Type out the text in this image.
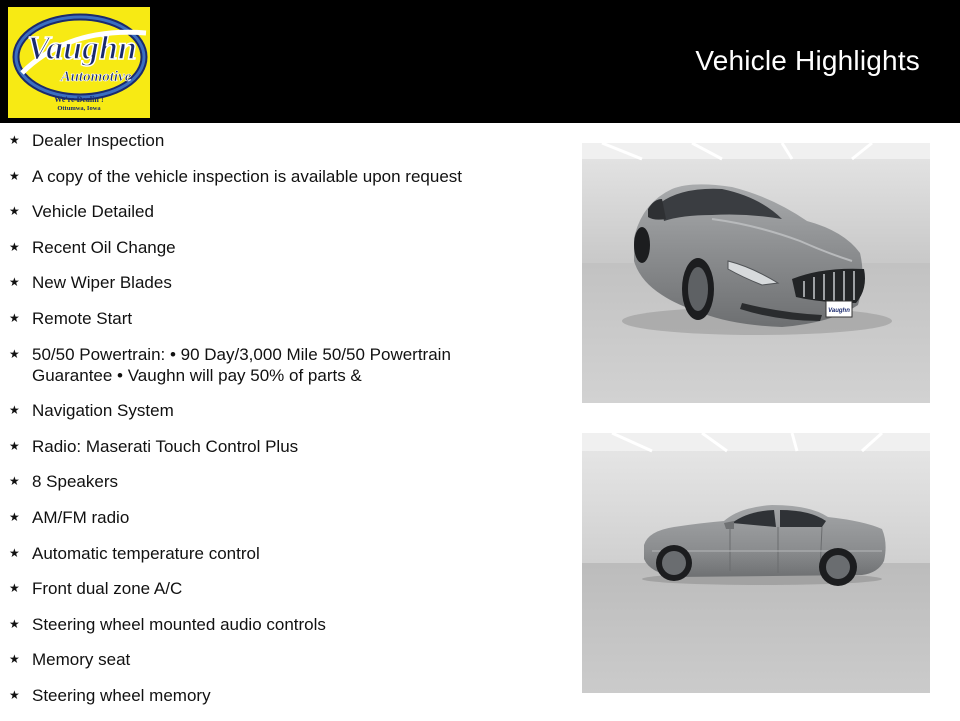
Vaughn
Automotive
We're Dealin'!
Ottumwa, Iowa
Vehicle Highlights
★ Dealer Inspection
★ A copy of the vehicle inspection is available upon request
★ Vehicle Detailed
★ Recent Oil Change
★ New Wiper Blades
★ Remote Start
★ 50/50 Powertrain: • 90 Day/3,000 Mile 50/50 Powertrain Guarantee • Vaughn will pay 50% of parts &
★ Navigation System
★ Radio: Maserati Touch Control Plus
★ 8 Speakers
★ AM/FM radio
★ Automatic temperature control
★ Front dual zone A/C
★ Steering wheel mounted audio controls
★ Memory seat
★ Steering wheel memory
Vaughn
